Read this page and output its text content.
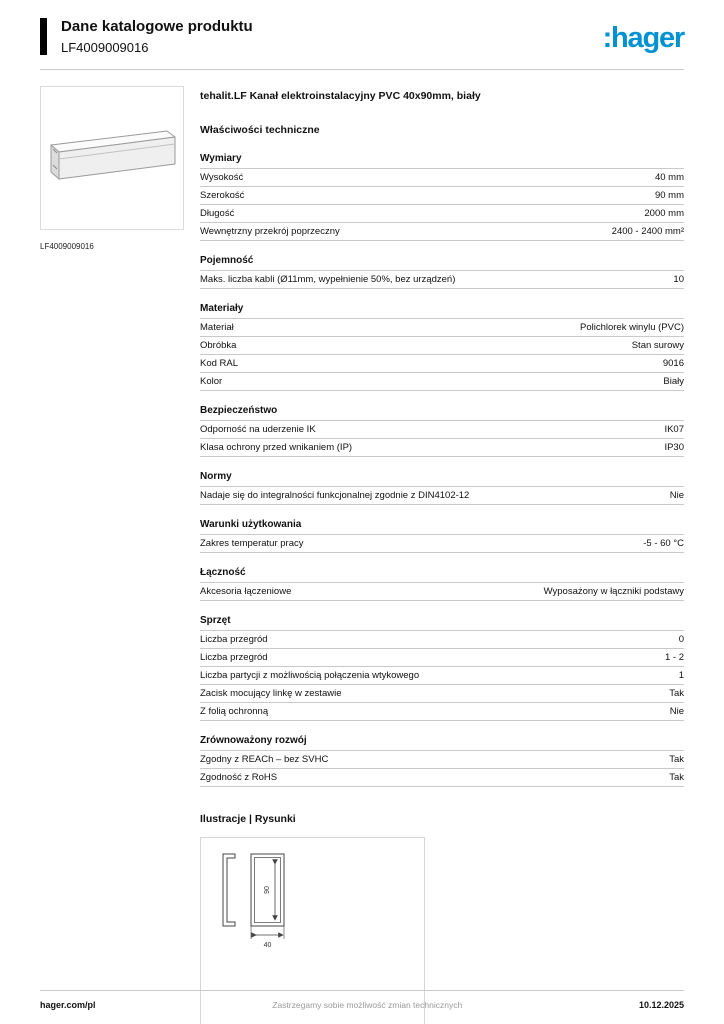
Dane katalogowe produktu
LF4009009016	:hager
LF4009009016
tehalit.LF Kanał elektroinstalacyjny PVC 40x90mm, biały
Właściwości techniczne
Wymiary
Wysokość	40 mm
Szerokość	90 mm
Długość	2000 mm
Wewnętrzny przekrój poprzeczny	2400 - 2400 mm²
Pojemność
Maks. liczba kabli (Ø11mm, wypełnienie 50%, bez urządzeń)	10
Materiały
Materiał	Polichlorek winylu (PVC)
Obróbka	Stan surowy
Kod RAL	9016
Kolor	Biały
Bezpieczeństwo
Odporność na uderzenie IK	IK07
Klasa ochrony przed wnikaniem (IP)	IP30
Normy
Nadaje się do integralności funkcjonalnej zgodnie z DIN4102-12	Nie
Warunki użytkowania
Zakres temperatur pracy	-5 - 60 °C
Łączność
Akcesoria łączeniowe	Wyposażony w łączniki podstawy
Sprzęt
Liczba przegród	0
Liczba przegród	1 - 2
Liczba partycji z możliwością połączenia wtykowego	1
Zacisk mocujący linkę w zestawie	Tak
Z folią ochronną	Nie
Zrównoważony rozwój
Zgodny z REACh – bez SVHC	Tak
Zgodność z RoHS	Tak
Ilustracje | Rysunki
90
40
hager.com/pl	Zastrzegamy sobie możliwość zmian technicznych	10.12.2025
